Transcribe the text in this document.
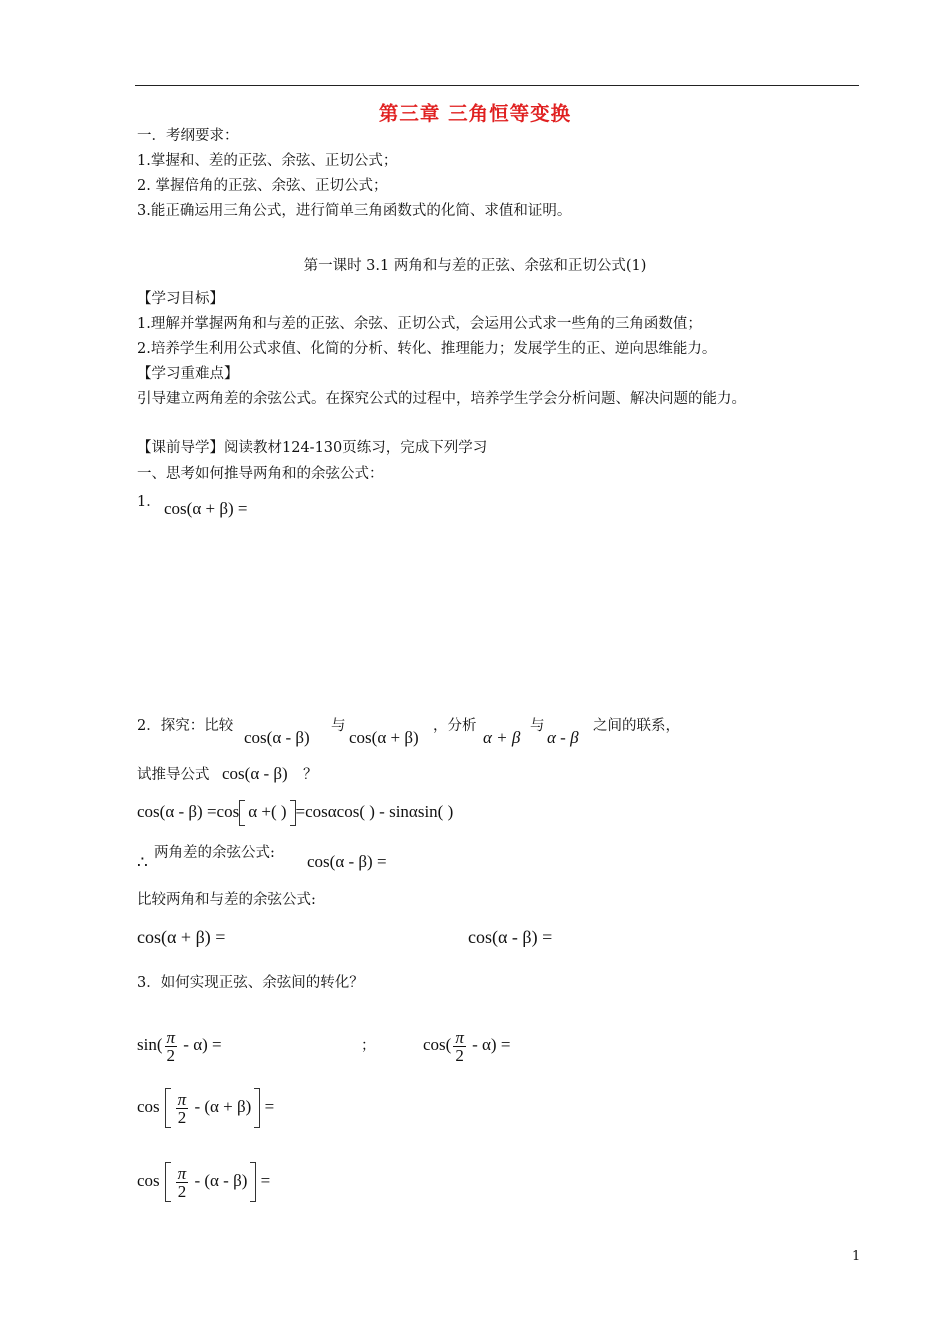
第三章 三角恒等变换
一．考纲要求：
1.掌握和、差的正弦、余弦、正切公式；
2. 掌握倍角的正弦、余弦、正切公式；
3.能正确运用三角公式，进行简单三角函数式的化简、求值和证明。
第一课时 3.1 两角和与差的正弦、余弦和正切公式(1)
【学习目标】
1.理解并掌握两角和与差的正弦、余弦、正切公式，会运用公式求一些角的三角函数值；
2.培养学生利用公式求值、化简的分析、转化、推理能力；发展学生的正、逆向思维能力。
【学习重难点】
引导建立两角差的余弦公式。在探究公式的过程中，培养学生学会分析问题、解决问题的能力。
【课前导学】阅读教材124-130页练习，完成下列学习
一、思考如何推导两角和的余弦公式：
1． cos(α + β) =
2．探究：比较
cos(α - β)
与
cos(α + β)
，分析
α + β
与
α - β
之间的联系，
试推导公式 cos(α - β) ？
cos(α - β) =cos α +( ) =cosαcos( ) - sinαsin( )
∴ 两角差的余弦公式: cos(α - β) =
比较两角和与差的余弦公式:
cos(α + β) =	cos(α - β) =
3．如何实现正弦、余弦间的转化？
$\sin( \frac{\pi}{2} - \alpha)$ =	；	$\cos( \frac{\pi}{2} - \alpha)$ =
$\cos \frac{\pi}{2} - (\alpha + \beta)$ =
$\cos \frac{\pi}{2} - (\alpha - \beta)$ =
1
